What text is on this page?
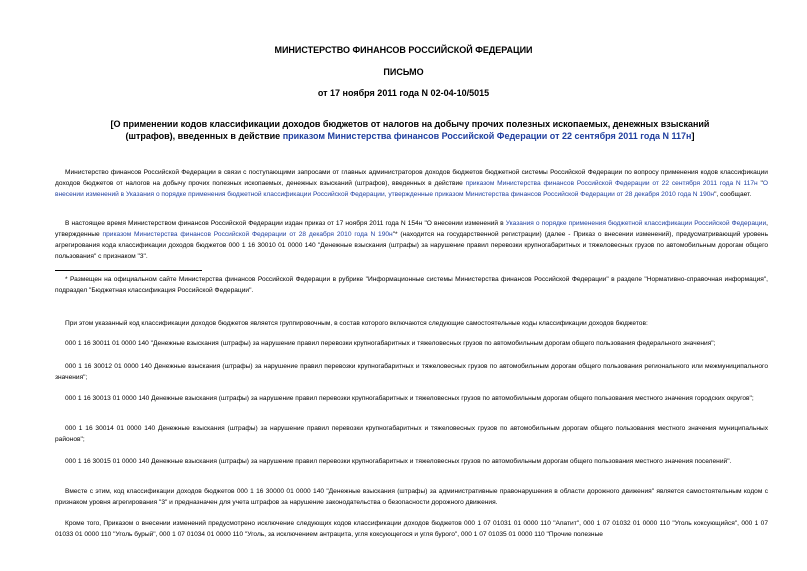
МИНИСТЕРСТВО ФИНАНСОВ РОССИЙСКОЙ ФЕДЕРАЦИИ
ПИСЬМО
от 17 ноября 2011 года N 02-04-10/5015
[О применении кодов классификации доходов бюджетов от налогов на добычу прочих полезных ископаемых, денежных взысканий (штрафов), введенных в действие приказом Министерства финансов Российской Федерации от 22 сентября 2011 года N 117н]
Министерство финансов Российской Федерации в связи с поступающими запросами от главных администраторов доходов бюджетов бюджетной системы Российской Федерации по вопросу применения кодов классификации доходов бюджетов от налогов на добычу прочих полезных ископаемых, денежных взысканий (штрафов), введенных в действие приказом Министерства финансов Российской Федерации от 22 сентября 2011 года N 117н "О внесении изменений в Указания о порядке применения бюджетной классификации Российской Федерации, утвержденные приказом Министерства финансов Российской Федерации от 28 декабря 2010 года N 190н", сообщает.
В настоящее время Министерством финансов Российской Федерации издан приказ от 17 ноября 2011 года N 154н "О внесении изменений в Указания о порядке применения бюджетной классификации Российской Федерации, утвержденные приказом Министерства финансов Российской Федерации от 28 декабря 2010 года N 190н"* (находится на государственной регистрации) (далее - Приказ о внесении изменений), предусматривающий уровень агрегирования кода классификации доходов бюджетов 000 1 16 30010 01 0000 140 "Денежные взыскания (штрафы) за нарушение правил перевозки крупногабаритных и тяжеловесных грузов по автомобильным дорогам общего пользования" с признаком "3".
* Размещен на официальном сайте Министерства финансов Российской Федерации в рубрике "Информационные системы Министерства финансов Российской Федерации" в разделе "Нормативно-справочная информация", подраздел "Бюджетная классификация Российской Федерации".
При этом указанный код классификации доходов бюджетов является группировочным, в состав которого включаются следующие самостоятельные коды классификации доходов бюджетов:
000 1 16 30011 01 0000 140 "Денежные взыскания (штрафы) за нарушение правил перевозки крупногабаритных и тяжеловесных грузов по автомобильным дорогам общего пользования федерального значения";
000 1 16 30012 01 0000 140 Денежные взыскания (штрафы) за нарушение правил перевозки крупногабаритных и тяжеловесных грузов по автомобильным дорогам общего пользования регионального или межмуниципального значения";
000 1 16 30013 01 0000 140 Денежные взыскания (штрафы) за нарушение правил перевозки крупногабаритных и тяжеловесных грузов по автомобильным дорогам общего пользования местного значения городских округов";
000 1 16 30014 01 0000 140 Денежные взыскания (штрафы) за нарушение правил перевозки крупногабаритных и тяжеловесных грузов по автомобильным дорогам общего пользования местного значения муниципальных районов";
000 1 16 30015 01 0000 140 Денежные взыскания (штрафы) за нарушение правил перевозки крупногабаритных и тяжеловесных грузов по автомобильным дорогам общего пользования местного значения поселений".
Вместе с этим, код классификации доходов бюджетов 000 1 16 30000 01 0000 140 "Денежные взыскания (штрафы) за административные правонарушения в области дорожного движения" является самостоятельным кодом с признаком уровня агрегирования "3" и предназначен для учета штрафов за нарушение законодательства о безопасности дорожного движения.
Кроме того, Приказом о внесении изменений предусмотрено исключение следующих кодов классификации доходов бюджетов 000 1 07 01031 01 0000 110 "Апатит", 000 1 07 01032 01 0000 110 "Уголь коксующийся", 000 1 07 01033 01 0000 110 "Уголь бурый", 000 1 07 01034 01 0000 110 "Уголь, за исключением антрацита, угля коксующегося и угля бурого", 000 1 07 01035 01 0000 110 "Прочие полезные
